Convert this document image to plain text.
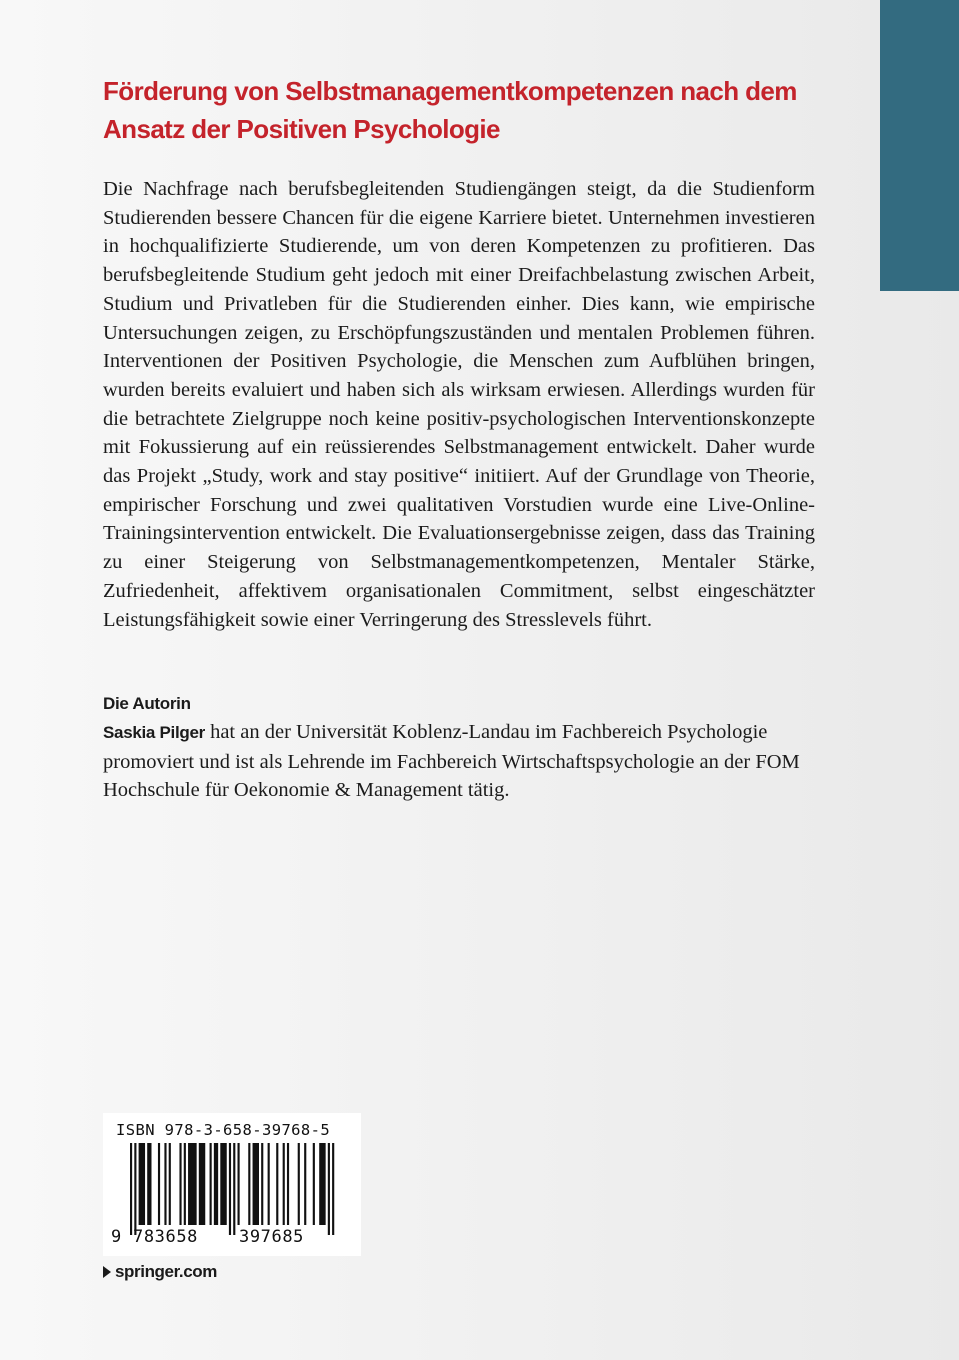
Förderung von Selbstmanagementkompetenzen nach dem Ansatz der Positiven Psychologie

Die Nachfrage nach berufsbegleitenden Studiengängen steigt, da die Studienform Studierenden bessere Chancen für die eigene Karriere bietet. Unternehmen investieren in hochqualifizierte Studierende, um von deren Kompetenzen zu profitieren. Das berufsbegleitende Studium geht jedoch mit einer Dreifachbelastung zwischen Arbeit, Studium und Privatleben für die Studierenden einher. Dies kann, wie empirische Untersuchungen zeigen, zu Erschöpfungszuständen und mentalen Problemen führen. Interventionen der Positiven Psychologie, die Menschen zum Aufblühen bringen, wurden bereits evaluiert und haben sich als wirksam erwiesen. Allerdings wurden für die betrachtete Zielgruppe noch keine positiv-psychologischen Interventionskonzepte mit Fokussierung auf ein reüssierendes Selbstmanagement entwickelt. Daher wurde das Projekt „Study, work and stay positive“ initiiert. Auf der Grundlage von Theorie, empirischer Forschung und zwei qualitativen Vorstudien wurde eine Live-Online-Trainingsintervention entwickelt. Die Evaluationsergebnisse zeigen, dass das Training zu einer Steigerung von Selbstmanagementkompetenzen, Mentaler Stärke, Zufriedenheit, affektivem organisationalen Commitment, selbst eingeschätzter Leistungsfähigkeit sowie einer Verringerung des Stresslevels führt.

Die Autorin

Saskia Pilger hat an der Universität Koblenz-Landau im Fachbereich Psychologie promoviert und ist als Lehrende im Fachbereich Wirtschaftspsychologie an der FOM Hochschule für Oekonomie & Management tätig.

ISBN 978-3-658-39768-5
9 783658 397685
springer.com
